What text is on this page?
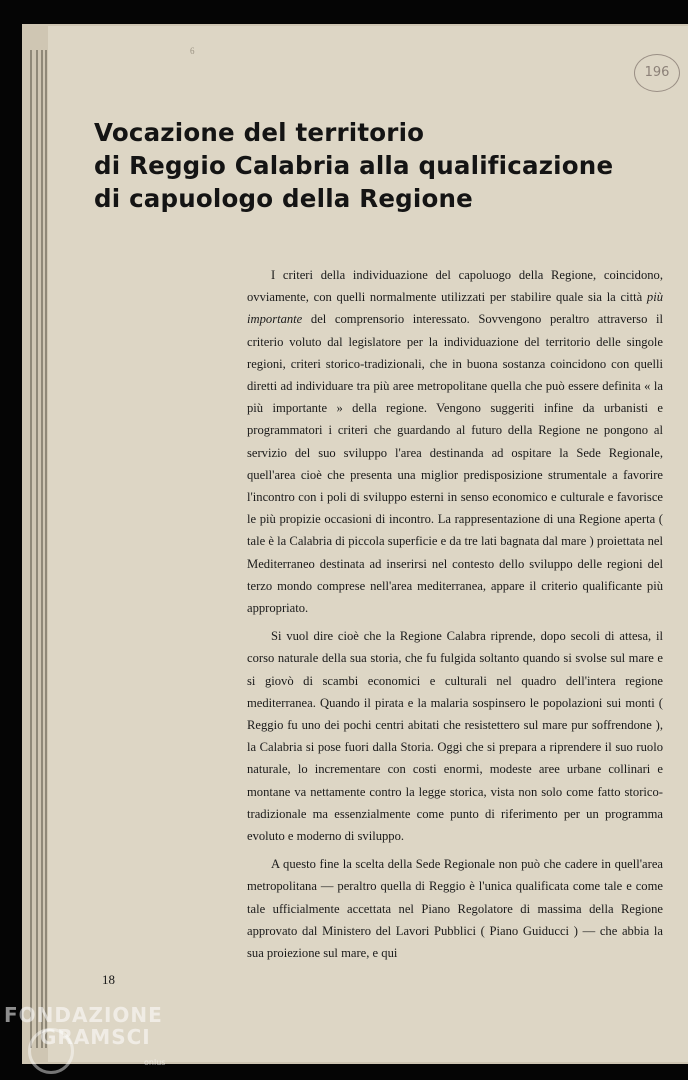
6
196
Vocazione del territorio
di Reggio Calabria alla qualificazione
di capuologo della Regione

I criteri della individuazione del capoluogo della Regione, coincidono, ovviamente, con quelli normalmente utilizzati per stabilire quale sia la città più importante del comprensorio interessato. Sovvengono peraltro attraverso il criterio voluto dal legislatore per la individuazione del territorio delle singole regioni, criteri storico-tradizionali, che in buona sostanza coincidono con quelli diretti ad individuare tra più aree metropolitane quella che può essere definita « la più importante » della regione. Vengono suggeriti infine da urbanisti e programmatori i criteri che guardando al futuro della Regione ne pongono al servizio del suo sviluppo l'area destinanda ad ospitare la Sede Regionale, quell'area cioè che presenta una miglior predisposizione strumentale a favorire l'incontro con i poli di sviluppo esterni in senso economico e culturale e favorisce le più propizie occasioni di incontro. La rappresentazione di una Regione aperta ( tale è la Calabria di piccola superficie e da tre lati bagnata dal mare ) proiettata nel Mediterraneo destinata ad inserirsi nel contesto dello sviluppo delle regioni del terzo mondo comprese nell'area mediterranea, appare il criterio qualificante più appropriato.

Si vuol dire cioè che la Regione Calabra riprende, dopo secoli di attesa, il corso naturale della sua storia, che fu fulgida soltanto quando si svolse sul mare e si giovò di scambi economici e culturali nel quadro dell'intera regione mediterranea. Quando il pirata e la malaria sospinsero le popolazioni sui monti ( Reggio fu uno dei pochi centri abitati che resistettero sul mare pur soffrendone ), la Calabria si pose fuori dalla Storia. Oggi che si prepara a riprendere il suo ruolo naturale, lo incrementare con costi enormi, modeste aree urbane collinari e montane va nettamente contro la legge storica, vista non solo come fatto storico-tradizionale ma essenzialmente come punto di riferimento per un programma evoluto e moderno di sviluppo.

A questo fine la scelta della Sede Regionale non può che cadere in quell'area metropolitana — peraltro quella di Reggio è l'unica qualificata come tale e come tale ufficialmente accettata nel Piano Regolatore di massima della Regione approvato dal Ministero del Lavori Pubblici ( Piano Guiducci ) — che abbia la sua proiezione sul mare, e qui

18
FONDAZIONE
GRAMSCI
onlus
